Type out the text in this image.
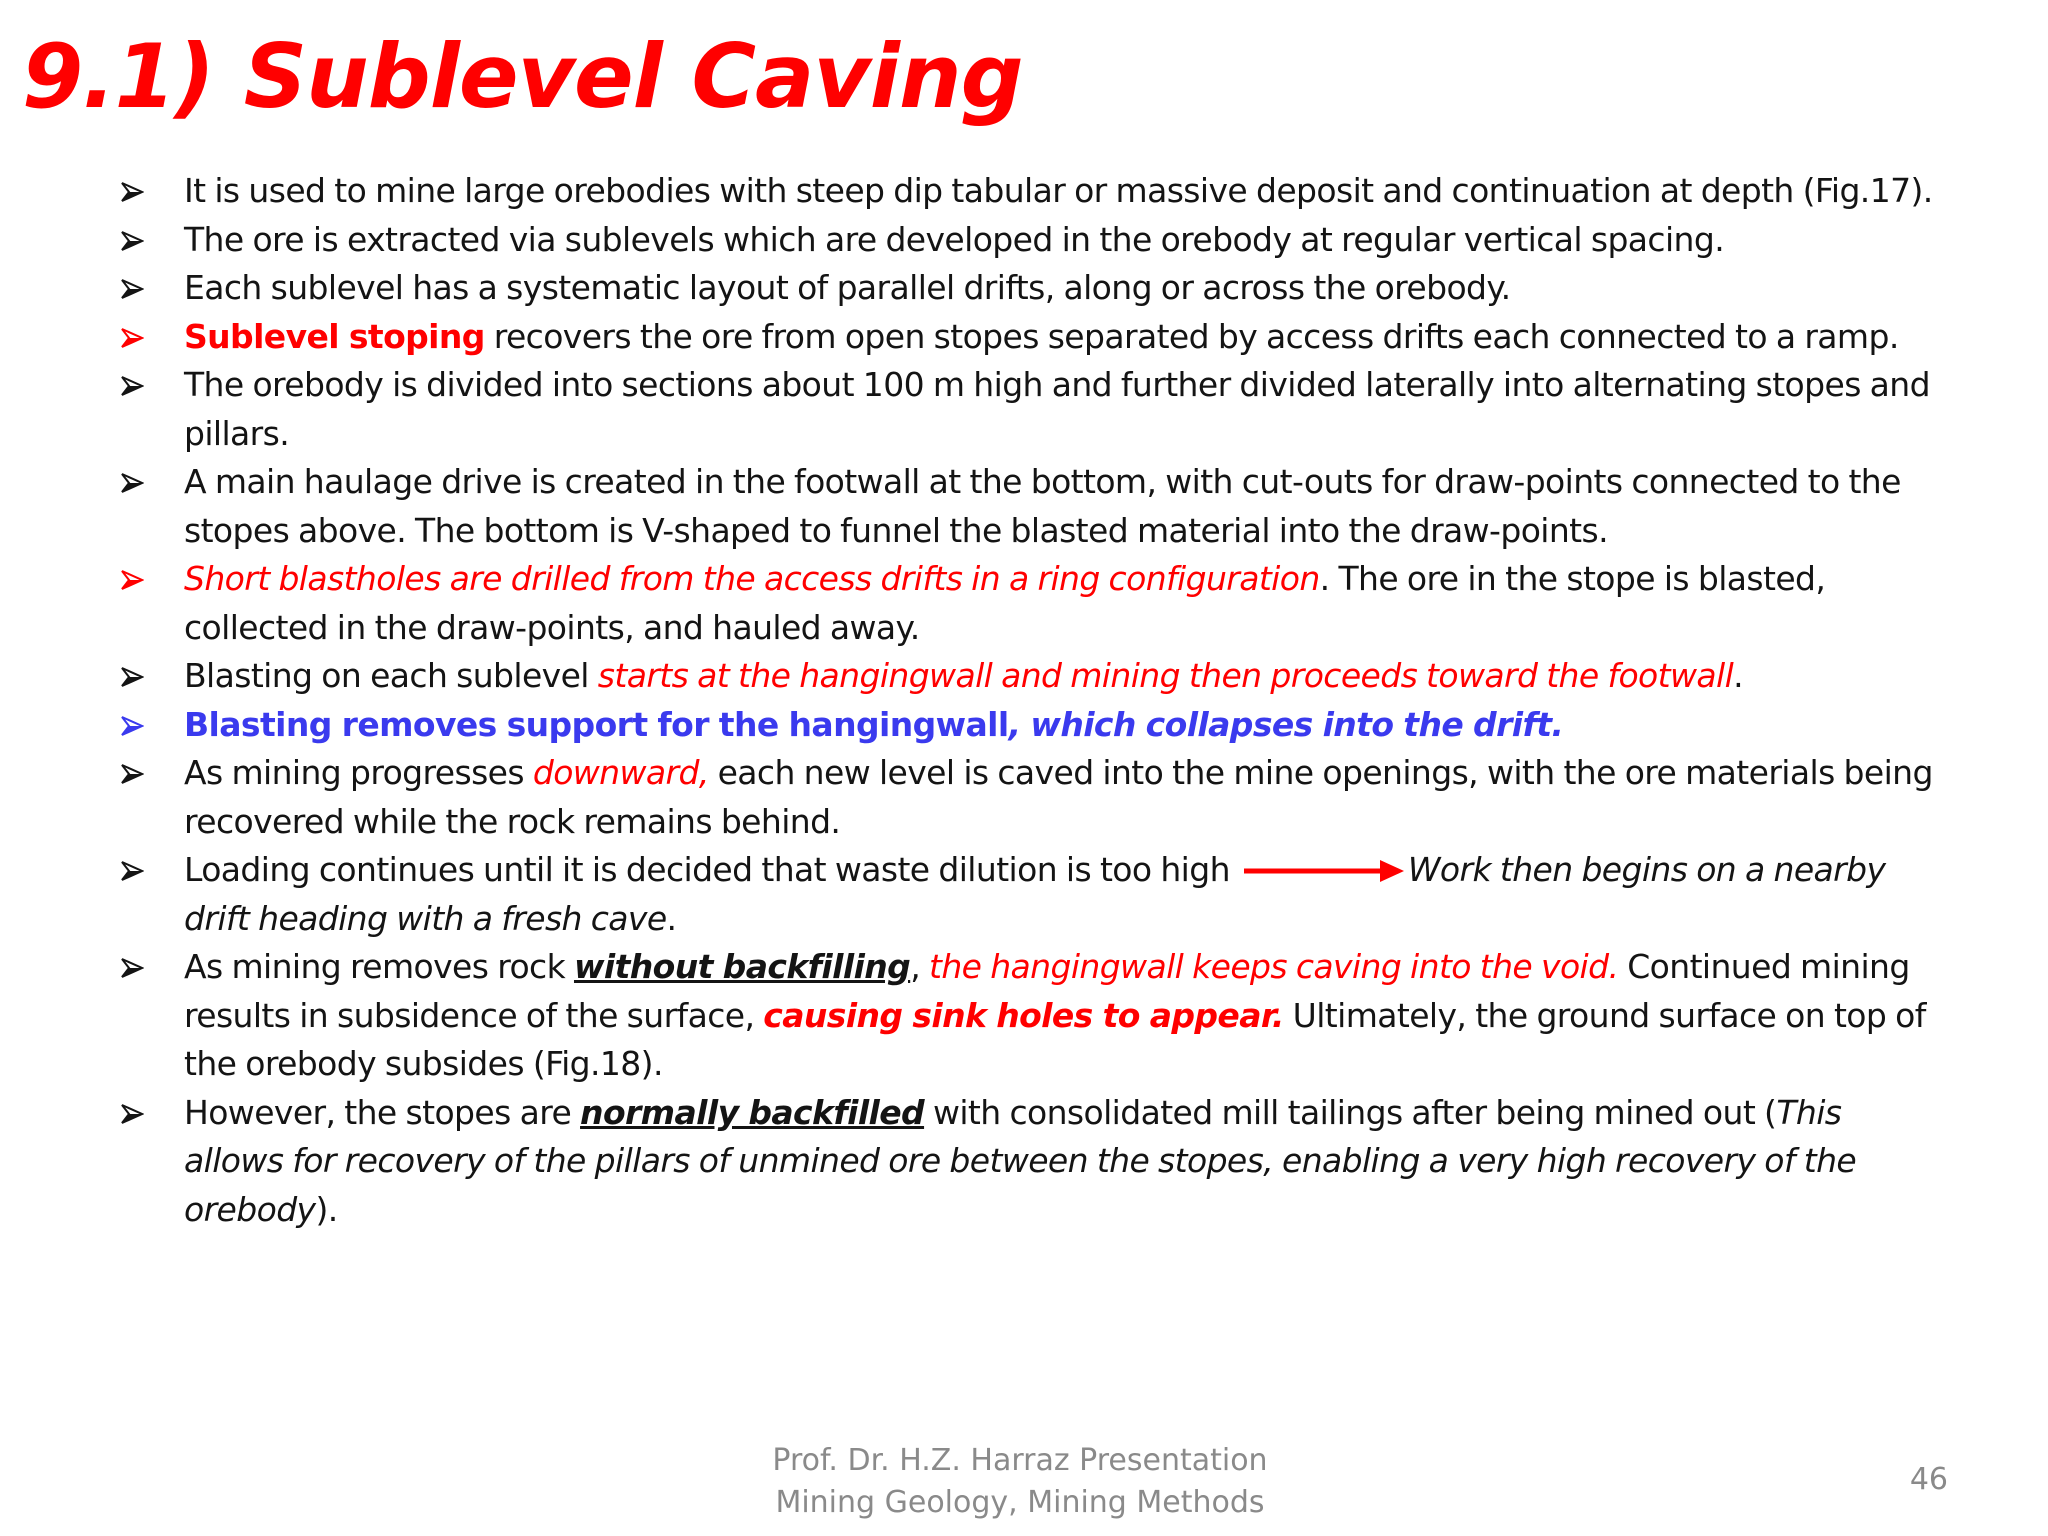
9.1) Sublevel Caving
It is used to mine large orebodies with steep dip tabular or massive deposit and continuation at depth (Fig.17).
The ore is extracted via sublevels which are developed in the orebody at regular vertical spacing.
Each sublevel has a systematic layout of parallel drifts, along or across the orebody.
Sublevel stoping recovers the ore from open stopes separated by access drifts each connected to a ramp.
The orebody is divided into sections about 100 m high and further divided laterally into alternating stopes and pillars.
A main haulage drive is created in the footwall at the bottom, with cut-outs for draw-points connected to the stopes above. The bottom is V-shaped to funnel the blasted material into the draw-points.
Short blastholes are drilled from the access drifts in a ring configuration. The ore in the stope is blasted, collected in the draw-points, and hauled away.
Blasting on each sublevel starts at the hangingwall and mining then proceeds toward the footwall.
Blasting removes support for the hangingwall, which collapses into the drift.
As mining progresses downward, each new level is caved into the mine openings, with the ore materials being recovered while the rock remains behind.
Loading continues until it is decided that waste dilution is too high	Work then begins on a nearby drift heading with a fresh cave.
As mining removes rock without backfilling, the hangingwall keeps caving into the void. Continued mining results in subsidence of the surface, causing sink holes to appear. Ultimately, the ground surface on top of the orebody subsides (Fig.18).
However, the stopes are normally backfilled with consolidated mill tailings after being mined out (This allows for recovery of the pillars of unmined ore between the stopes, enabling a very high recovery of the orebody).
Prof. Dr. H.Z. Harraz Presentation
Mining Geology, Mining Methods
46
